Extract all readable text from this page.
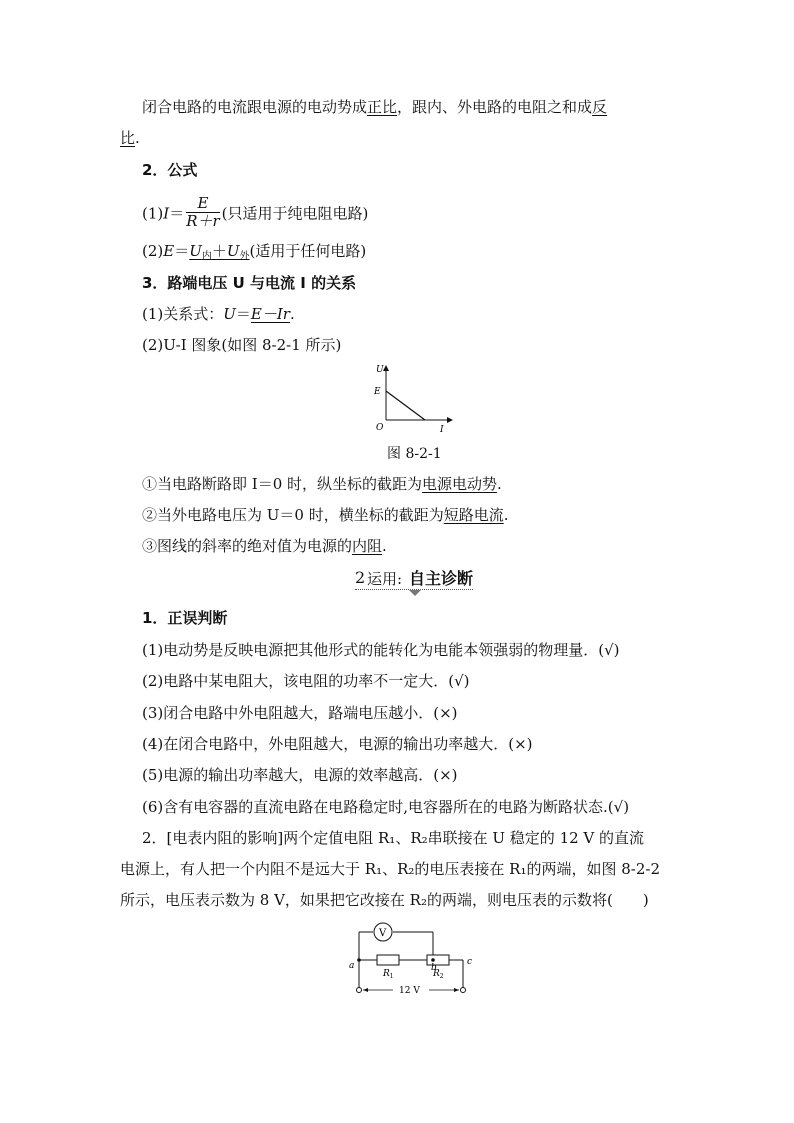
闭合电路的电流跟电源的电动势成正比，跟内、外电路的电阻之和成反
比.
2．公式
$(1)I= \frac{E}{R+r}$ (只适用于纯电阻电路)
$(2)E=U_内+U_外$(适用于任何电路)
3．路端电压 U 与电流 I 的关系
(1)关系式：U＝E－Ir.
(2)U-I 图象(如图 8-2-1 所示)
U
E
O	I
图 8-2-1
①当电路断路即 I＝0 时，纵坐标的截距为电源电动势.
②当外电路电压为 U＝0 时，横坐标的截距为短路电流.
③图线的斜率的绝对值为电源的内阻.
2 运用: 自主诊断
1．正误判断
(1)电动势是反映电源把其他形式的能转化为电能本领强弱的物理量．(√)
(2)电路中某电阻大，该电阻的功率不一定大．(√)
(3)闭合电路中外电阻越大，路端电压越小．(×)
(4)在闭合电路中，外电阻越大，电源的输出功率越大．(×)
(5)电源的输出功率越大，电源的效率越高．(×)
(6)含有电容器的直流电路在电路稳定时,电容器所在的电路为断路状态.(√)
2．[电表内阻的影响]两个定值电阻 R₁、R₂串联接在 U 稳定的 12 V 的直流
电源上，有人把一个内阻不是远大于 R₁、R₂的电压表接在 R₁的两端，如图 8-2-2
所示，电压表示数为 8 V，如果把它改接在 R₂的两端，则电压表的示数将(　　)
V
a	b
c
$R_1$	$R_2$
12 V
